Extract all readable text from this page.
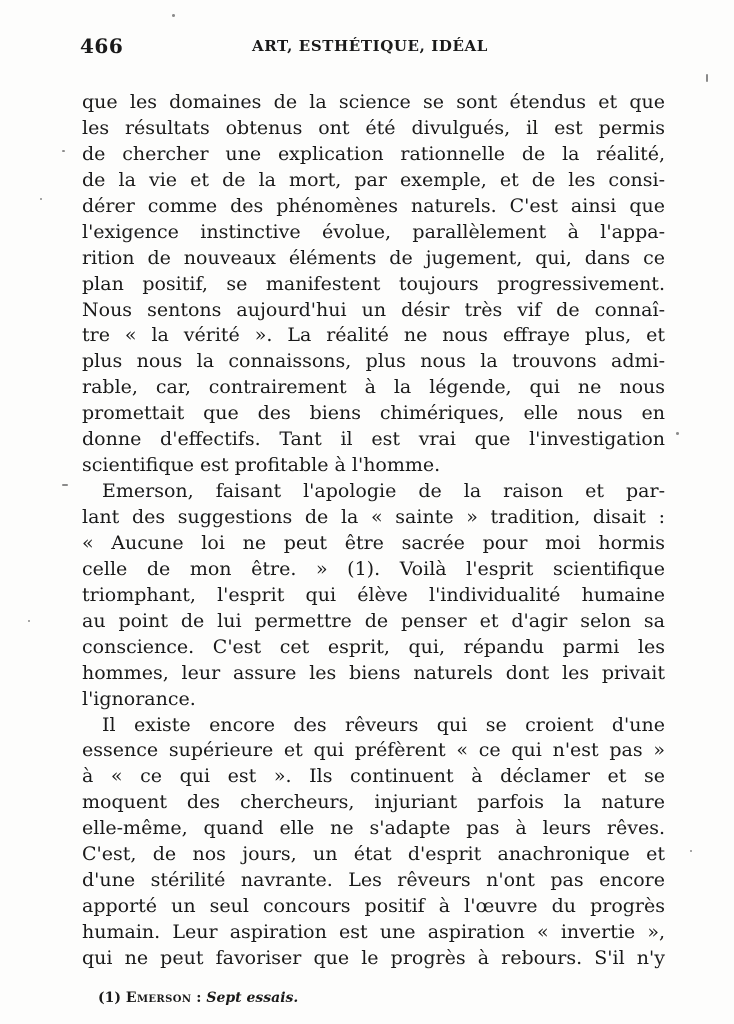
466	ART, ESTHÉTIQUE, IDÉAL
que les domaines de la science se sont étendus et que
les résultats obtenus ont été divulgués, il est permis
de chercher une explication rationnelle de la réalité,
de la vie et de la mort, par exemple, et de les consi-
dérer comme des phénomènes naturels. C'est ainsi que
l'exigence instinctive évolue, parallèlement à l'appa-
rition de nouveaux éléments de jugement, qui, dans ce
plan positif, se manifestent toujours progressivement.
Nous sentons aujourd'hui un désir très vif de connaî-
tre « la vérité ». La réalité ne nous effraye plus, et
plus nous la connaissons, plus nous la trouvons admi-
rable, car, contrairement à la légende, qui ne nous
promettait que des biens chimériques, elle nous en
donne d'effectifs. Tant il est vrai que l'investigation
scientifique est profitable à l'homme.
Emerson, faisant l'apologie de la raison et par-
lant des suggestions de la « sainte » tradition, disait :
« Aucune loi ne peut être sacrée pour moi hormis
celle de mon être. » (1). Voilà l'esprit scientifique
triomphant, l'esprit qui élève l'individualité humaine
au point de lui permettre de penser et d'agir selon sa
conscience. C'est cet esprit, qui, répandu parmi les
hommes, leur assure les biens naturels dont les privait
l'ignorance.
Il existe encore des rêveurs qui se croient d'une
essence supérieure et qui préfèrent « ce qui n'est pas »
à « ce qui est ». Ils continuent à déclamer et se
moquent des chercheurs, injuriant parfois la nature
elle-même, quand elle ne s'adapte pas à leurs rêves.
C'est, de nos jours, un état d'esprit anachronique et
d'une stérilité navrante. Les rêveurs n'ont pas encore
apporté un seul concours positif à l'œuvre du progrès
humain. Leur aspiration est une aspiration « invertie »,
qui ne peut favoriser que le progrès à rebours. S'il n'y
(1) Emerson : Sept essais.
